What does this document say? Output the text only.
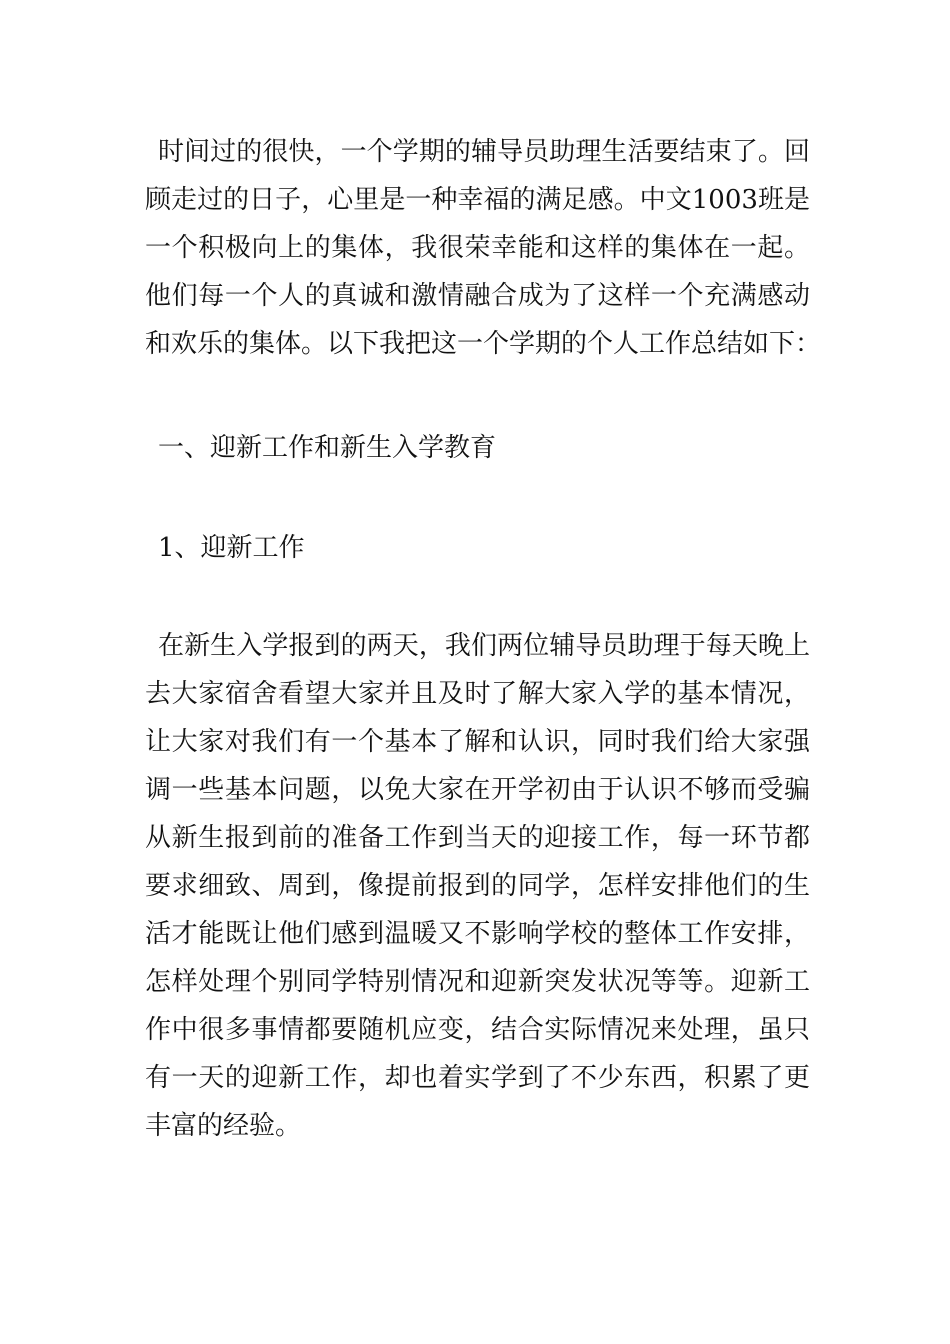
时间过的很快，一个学期的辅导员助理生活要结束了。回
顾走过的日子，心里是一种幸福的满足感。中文1003班是
一个积极向上的集体，我很荣幸能和这样的集体在一起。
他们每一个人的真诚和激情融合成为了这样一个充满感动
和欢乐的集体。以下我把这一个学期的个人工作总结如下：
一、迎新工作和新生入学教育
1、迎新工作
在新生入学报到的两天，我们两位辅导员助理于每天晚上
去大家宿舍看望大家并且及时了解大家入学的基本情况，
让大家对我们有一个基本了解和认识，同时我们给大家强
调一些基本问题，以免大家在开学初由于认识不够而受骗
从新生报到前的准备工作到当天的迎接工作，每一环节都
要求细致、周到，像提前报到的同学，怎样安排他们的生
活才能既让他们感到温暖又不影响学校的整体工作安排，
怎样处理个别同学特别情况和迎新突发状况等等。迎新工
作中很多事情都要随机应变，结合实际情况来处理，虽只
有一天的迎新工作，却也着实学到了不少东西，积累了更
丰富的经验。
